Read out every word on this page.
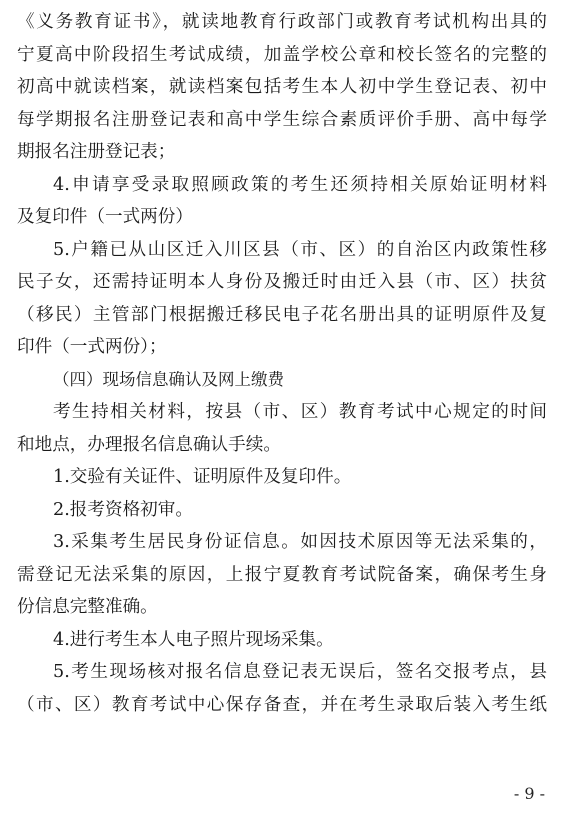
《义务教育证书》，就读地教育行政部门或教育考试机构出具的
宁夏高中阶段招生考试成绩，加盖学校公章和校长签名的完整的
初高中就读档案，就读档案包括考生本人初中学生登记表、初中
每学期报名注册登记表和高中学生综合素质评价手册、高中每学
期报名注册登记表；
4.申请享受录取照顾政策的考生还须持相关原始证明材料
及复印件（一式两份）
5.户籍已从山区迁入川区县（市、区）的自治区内政策性移
民子女，还需持证明本人身份及搬迁时由迁入县（市、区）扶贫
（移民）主管部门根据搬迁移民电子花名册出具的证明原件及复
印件（一式两份）；
（四）现场信息确认及网上缴费
考生持相关材料，按县（市、区）教育考试中心规定的时间
和地点，办理报名信息确认手续。
1.交验有关证件、证明原件及复印件。
2.报考资格初审。
3.采集考生居民身份证信息。如因技术原因等无法采集的，
需登记无法采集的原因，上报宁夏教育考试院备案，确保考生身
份信息完整准确。
4.进行考生本人电子照片现场采集。
5.考生现场核对报名信息登记表无误后，签名交报考点，县
（市、区）教育考试中心保存备查，并在考生录取后装入考生纸
- 9 -
